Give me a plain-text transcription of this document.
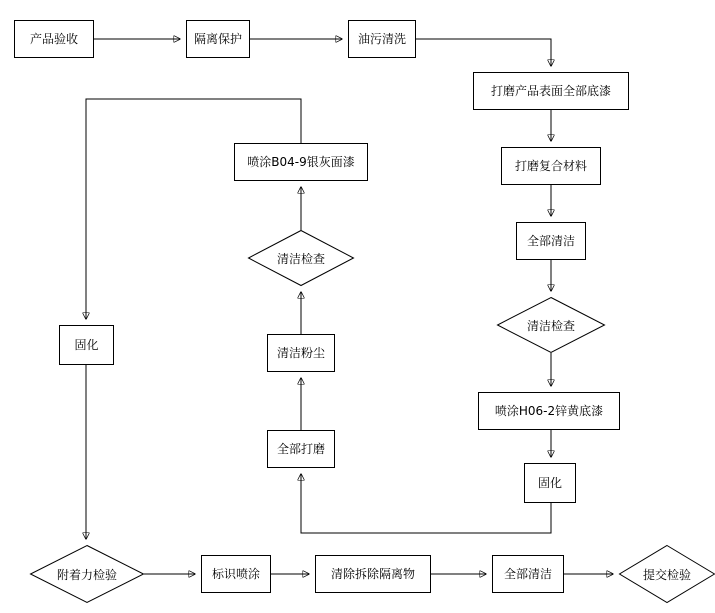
产品验收	隔离保护	油污清洗
打磨产品表面全部底漆
打磨复合材料
全部清洁
清洁检查
喷涂H06-2锌黄底漆
固化
喷涂B04-9银灰面漆
清洁检查
清洁粉尘
全部打磨
固化
附着力检验	标识喷涂	清除拆除隔离物	全部清洁	提交检验
